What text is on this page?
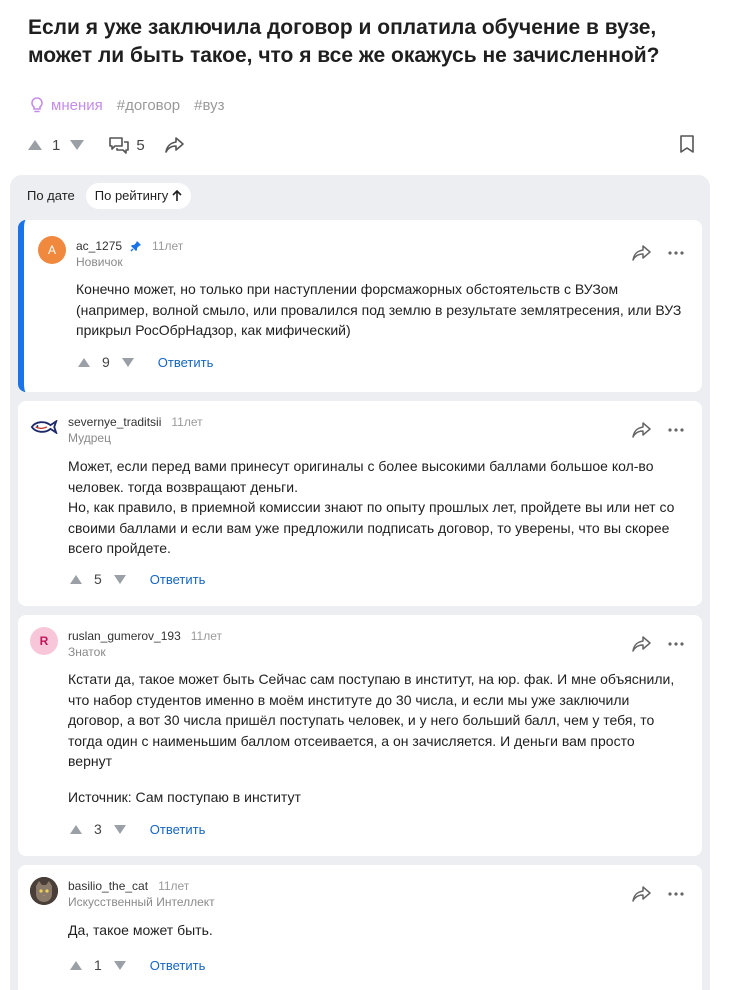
Если я уже заключила договор и оплатила обучение в вузе, может ли быть такое, что я все же окажусь не зачисленной?
мнения #договор #вуз
1	5
По дате	По рейтингу
A	ac_1275	11лет
Новичок

Конечно может, но только при наступлении форсмажорных обстоятельств с ВУЗом (например, волной смыло, или провалился под землю в результате землятресения, или ВУЗ прикрыл РосОбрНадзор, как мифический)

9	Ответить
severnye_traditsii 11лет
Мудрец

Может, если перед вами принесут оригиналы с более высокими баллами большое кол-во человек. тогда возвращают деньги.

Но, как правило, в приемной комиссии знают по опыту прошлых лет, пройдете вы или нет со своими баллами и если вам уже предложили подписать договор, то уверены, что вы скорее всего пройдете.

5	Ответить
R	ruslan_gumerov_193 11лет
Знаток

Кстати да, такое может быть Сейчас сам поступаю в институт, на юр. фак. И мне объяснили, что набор студентов именно в моём институте до 30 числа, и если мы уже заключили договор, а вот 30 числа пришёл поступать человек, и у него больший балл, чем у тебя, то тогда один с наименьшим баллом отсеивается, а он зачисляется. И деньги вам просто вернут

Источник: Сам поступаю в институт

3	Ответить
basilio_the_cat 11лет
Искусственный Интеллект

Да, такое может быть.

1	Ответить
